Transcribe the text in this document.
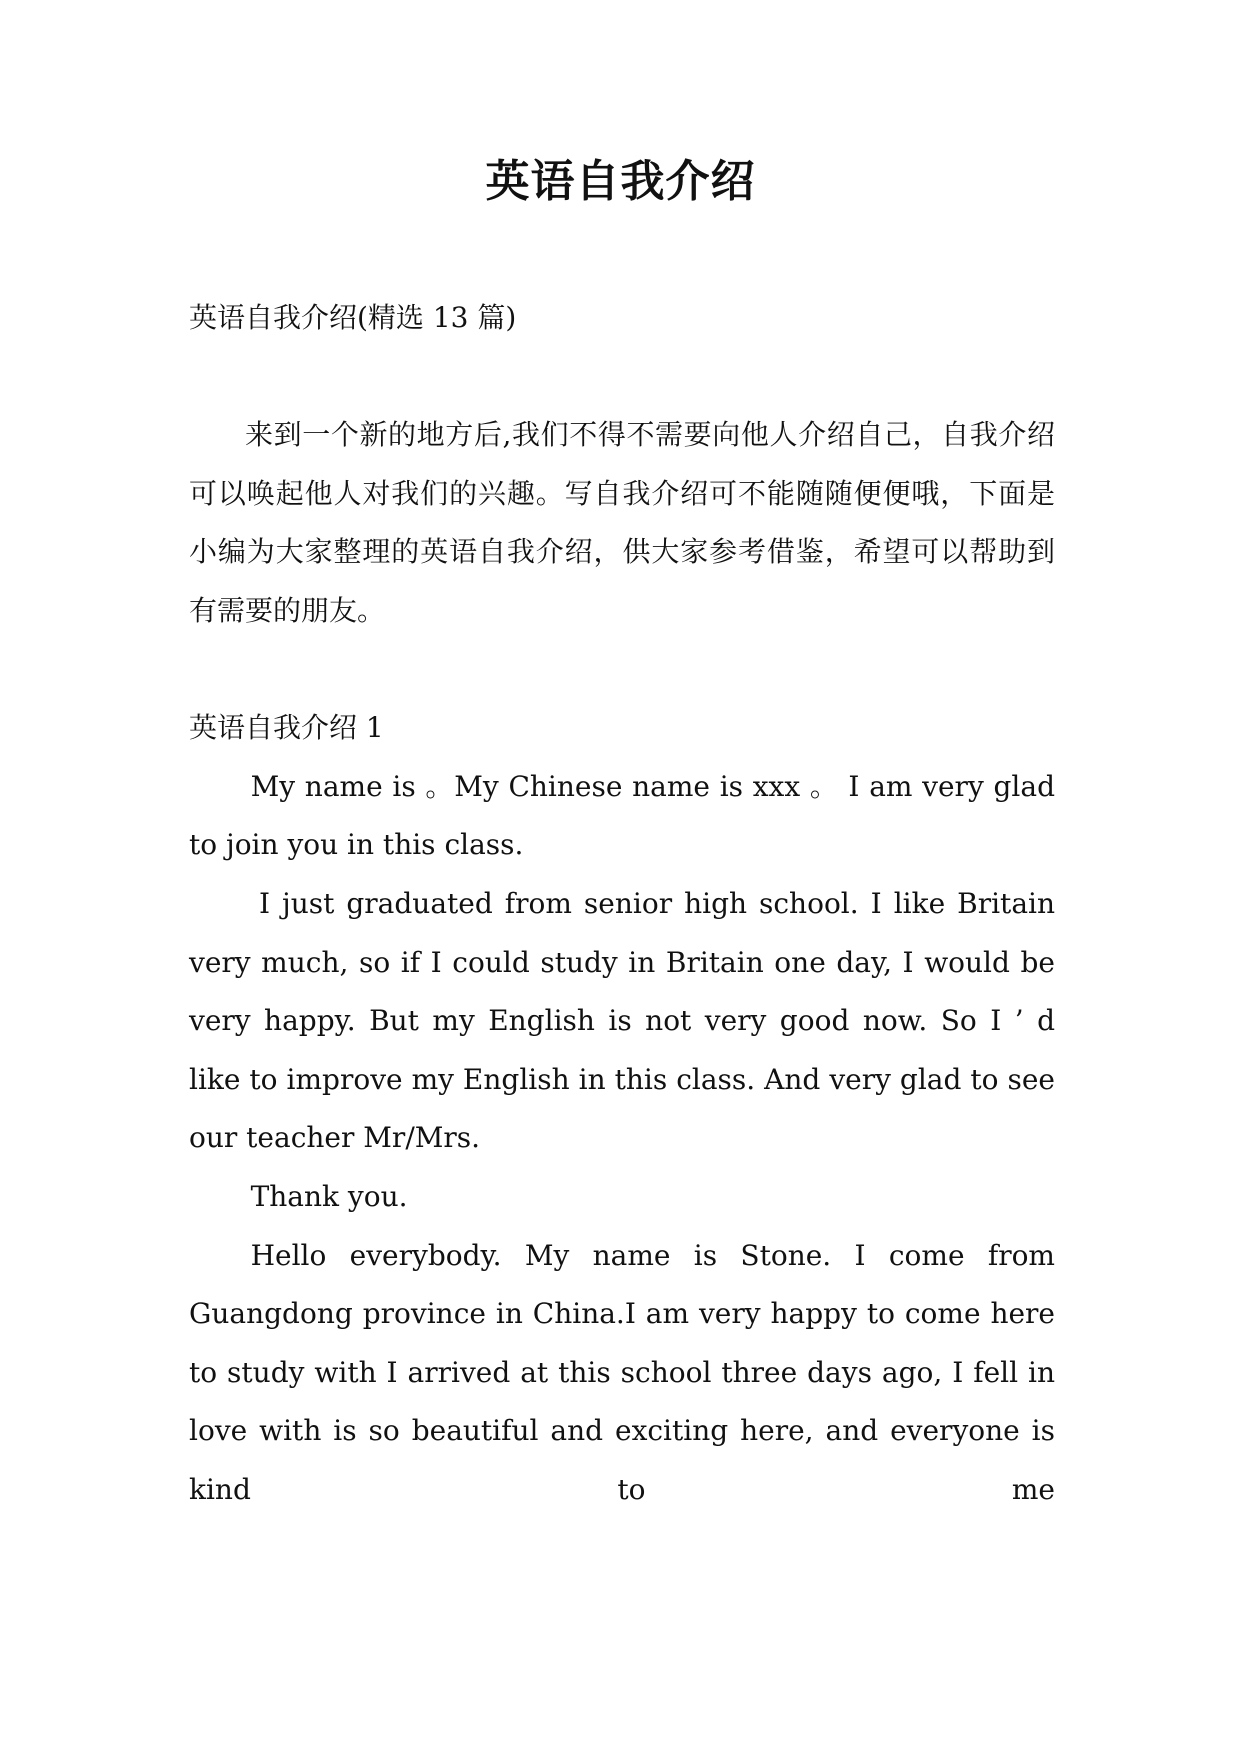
英语自我介绍

英语自我介绍(精选 13 篇)

来到一个新的地方后,我们不得不需要向他人介绍自己，自我介绍可以唤起他人对我们的兴趣。写自我介绍可不能随随便便哦，下面是小编为大家整理的英语自我介绍，供大家参考借鉴，希望可以帮助到有需要的朋友。

英语自我介绍 1

My name is 。My Chinese name is xxx 。 I am very glad to join you in this class.

I just graduated from senior high school. I like Britain very much, so if I could study in Britain one day, I would be very happy. But my English is not very good now. So I ’ d like to improve my English in this class. And very glad to see our teacher Mr/Mrs.

Thank you.

Hello everybody. My name is Stone. I come from Guangdong province in China.I am very happy to come here to study with I arrived at this school three days ago, I fell in love with is so beautiful and exciting here, and everyone is kind to me
